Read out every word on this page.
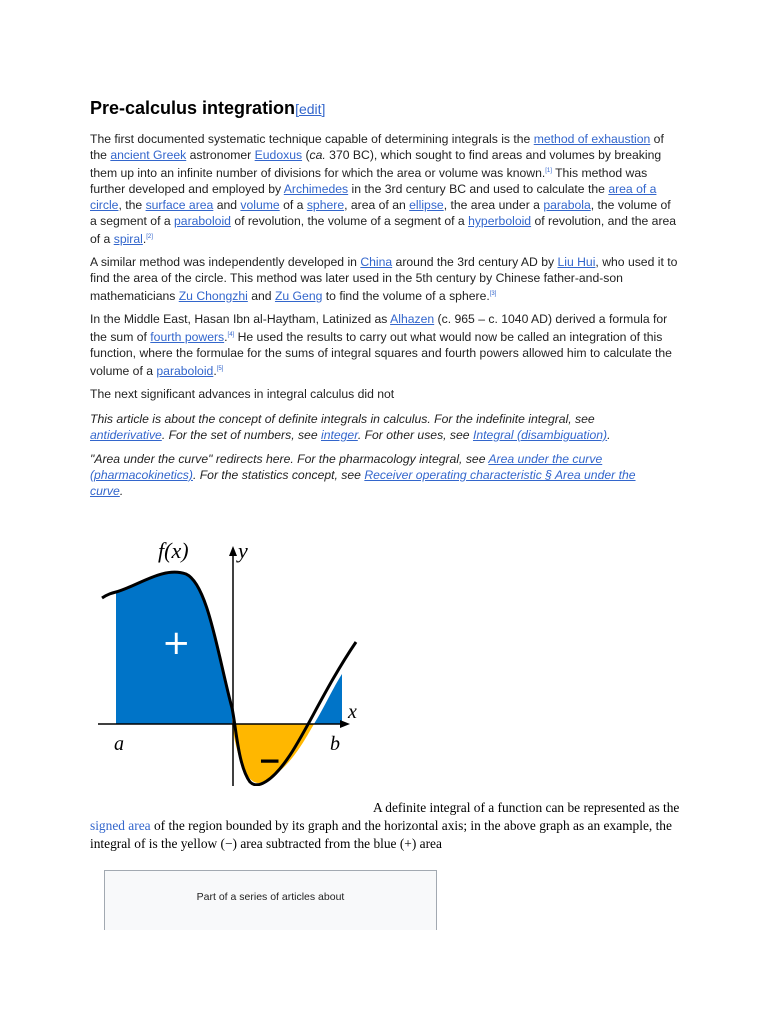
Pre-calculus integration[edit]

The first documented systematic technique capable of determining integrals is the method of exhaustion of the ancient Greek astronomer Eudoxus (ca. 370 BC), which sought to find areas and volumes by breaking them up into an infinite number of divisions for which the area or volume was known.[1] This method was further developed and employed by Archimedes in the 3rd century BC and used to calculate the area of a circle, the surface area and volume of a sphere, area of an ellipse, the area under a parabola, the volume of a segment of a paraboloid of revolution, the volume of a segment of a hyperboloid of revolution, and the area of a spiral.[2]

A similar method was independently developed in China around the 3rd century AD by Liu Hui, who used it to find the area of the circle. This method was later used in the 5th century by Chinese father-and-son mathematicians Zu Chongzhi and Zu Geng to find the volume of a sphere.[3]

In the Middle East, Hasan Ibn al-Haytham, Latinized as Alhazen (c. 965 – c. 1040 AD) derived a formula for the sum of fourth powers.[4] He used the results to carry out what would now be called an integration of this function, where the formulae for the sums of integral squares and fourth powers allowed him to calculate the volume of a paraboloid.[5]

The next significant advances in integral calculus did not

This article is about the concept of definite integrals in calculus. For the indefinite integral, see antiderivative. For the set of numbers, see integer. For other uses, see Integral (disambiguation).

"Area under the curve" redirects here. For the pharmacology integral, see Area under the curve (pharmacokinetics). For the statistics concept, see Receiver operating characteristic § Area under the curve.

f(x) y
x
a	b
+
−
A definite integral of a function can be represented as the signed area of the region bounded by its graph and the horizontal axis; in the above graph as an example, the integral of is the yellow (−) area subtracted from the blue (+) area
Part of a series of articles about
